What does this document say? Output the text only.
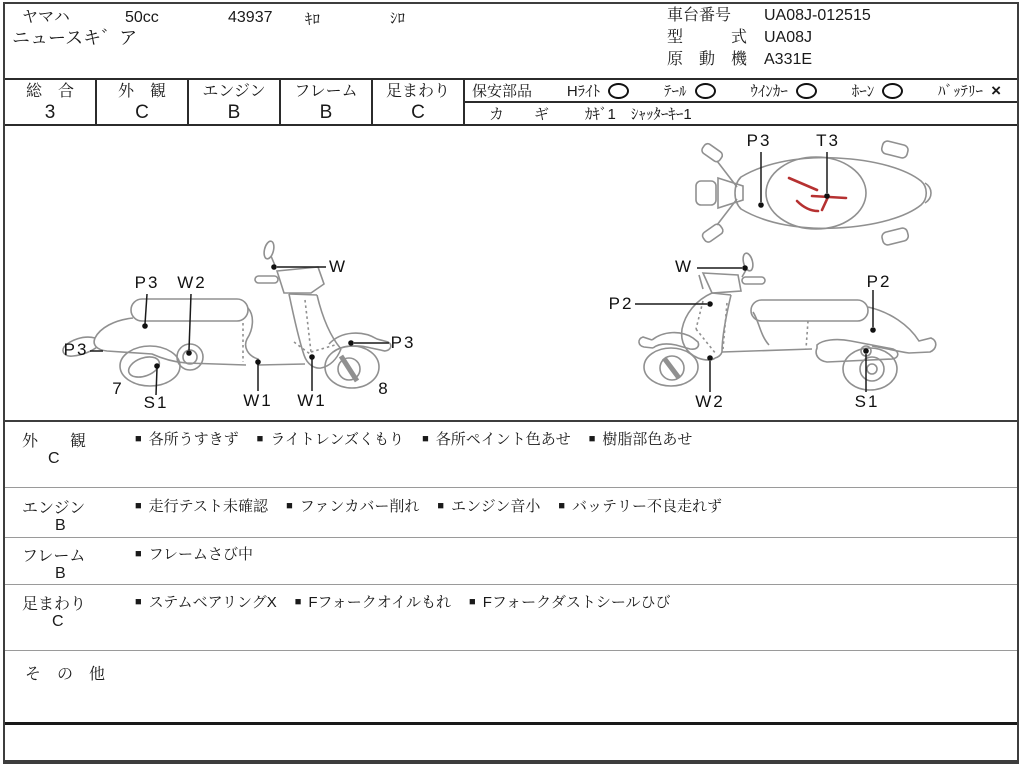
ヤマハ	50cc	43937 ｷﾛ	ｼﾛ
ニュースキ゛ア
車台番号 UA08J-012515
型　　　式 UA08J
原　動　機 A331E
総　合
3
外　観
C
エンジン
B
フレーム
B
足まわり
C
保安部品 Hﾗｲﾄ	ﾃｰﾙ	ｳｲﾝｶｰ	ﾎｰﾝ	ﾊﾞｯﾃﾘｰ ×
カ　　ギ ｶｷﾞ1　ｼｬｯﾀｰｷｰ1
P3 W2
W
P3	P3
7
S1	W1 W1
8
W
P2
P2
W2	S1
P3	T3
外　　観
C
■ 各所うすきず ■ ライトレンズくもり ■ 各所ペイント色あせ ■ 樹脂部色あせ
エンジン
B
■ 走行テスト未確認 ■ ファンカバー削れ ■ エンジン音小 ■ バッテリー不良走れず
フレーム
B
■ フレームさび中
足まわり
C
■ ステムベアリングX ■ Fフォークオイルもれ ■ Fフォークダストシールひび
そ　の　他
